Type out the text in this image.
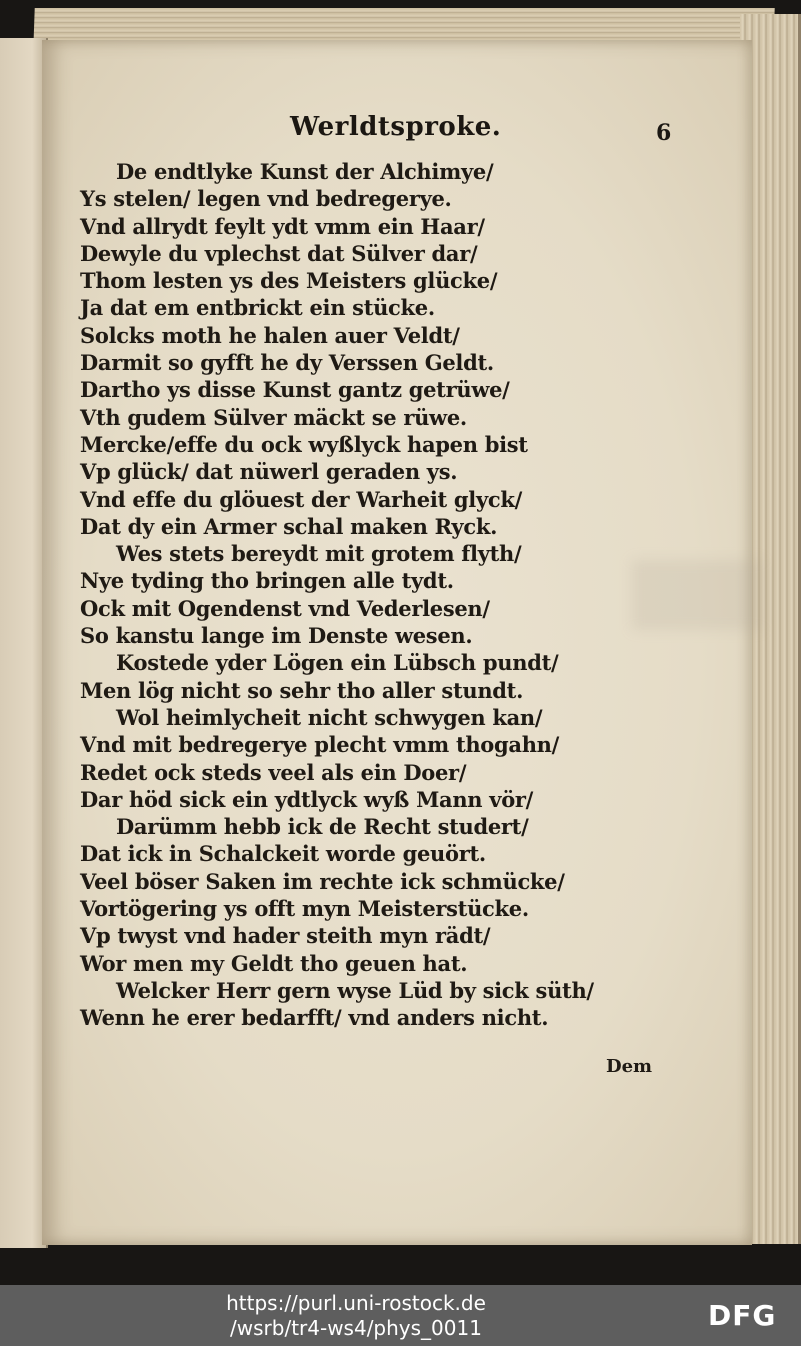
Werldtsproke.	6
De endtlyke Kunst der Alchimye/
Ys stelen/ legen vnd bedregerye.
Vnd allrydt feylt ydt vmm ein Haar/
Dewyle du vplechst dat Sülver dar/
Thom lesten ys des Meisters glücke/
Ja dat em entbrickt ein stücke.
Solcks moth he halen auer Veldt/
Darmit so gyfft he dy Verssen Geldt.
Dartho ys disse Kunst gantz getrüwe/
Vth gudem Sülver mäckt se rüwe.
Mercke/effe du ock wyßlyck hapen bist
Vp glück/ dat nüwerl geraden ys.
Vnd effe du glöuest der Warheit glyck/
Dat dy ein Armer schal maken Ryck.
Wes stets bereydt mit grotem flyth/
Nye tyding tho bringen alle tydt.
Ock mit Ogendenst vnd Vederlesen/
So kanstu lange im Denste wesen.
Kostede yder Lögen ein Lübsch pundt/
Men lög nicht so sehr tho aller stundt.
Wol heimlycheit nicht schwygen kan/
Vnd mit bedregerye plecht vmm thogahn/
Redet ock steds veel als ein Doer/
Dar höd sick ein ydtlyck wyß Mann vör/
Darümm hebb ick de Recht studert/
Dat ick in Schalckeit worde geuört.
Veel böser Saken im rechte ick schmücke/
Vortögering ys offt myn Meisterstücke.
Vp twyst vnd hader steith myn rädt/
Wor men my Geldt tho geuen hat.
Welcker Herr gern wyse Lüd by sick süth/
Wenn he erer bedarfft/ vnd anders nicht.
Dem
https://purl.uni-rostock.de
/wsrb/tr4-ws4/phys_0011	DFG
